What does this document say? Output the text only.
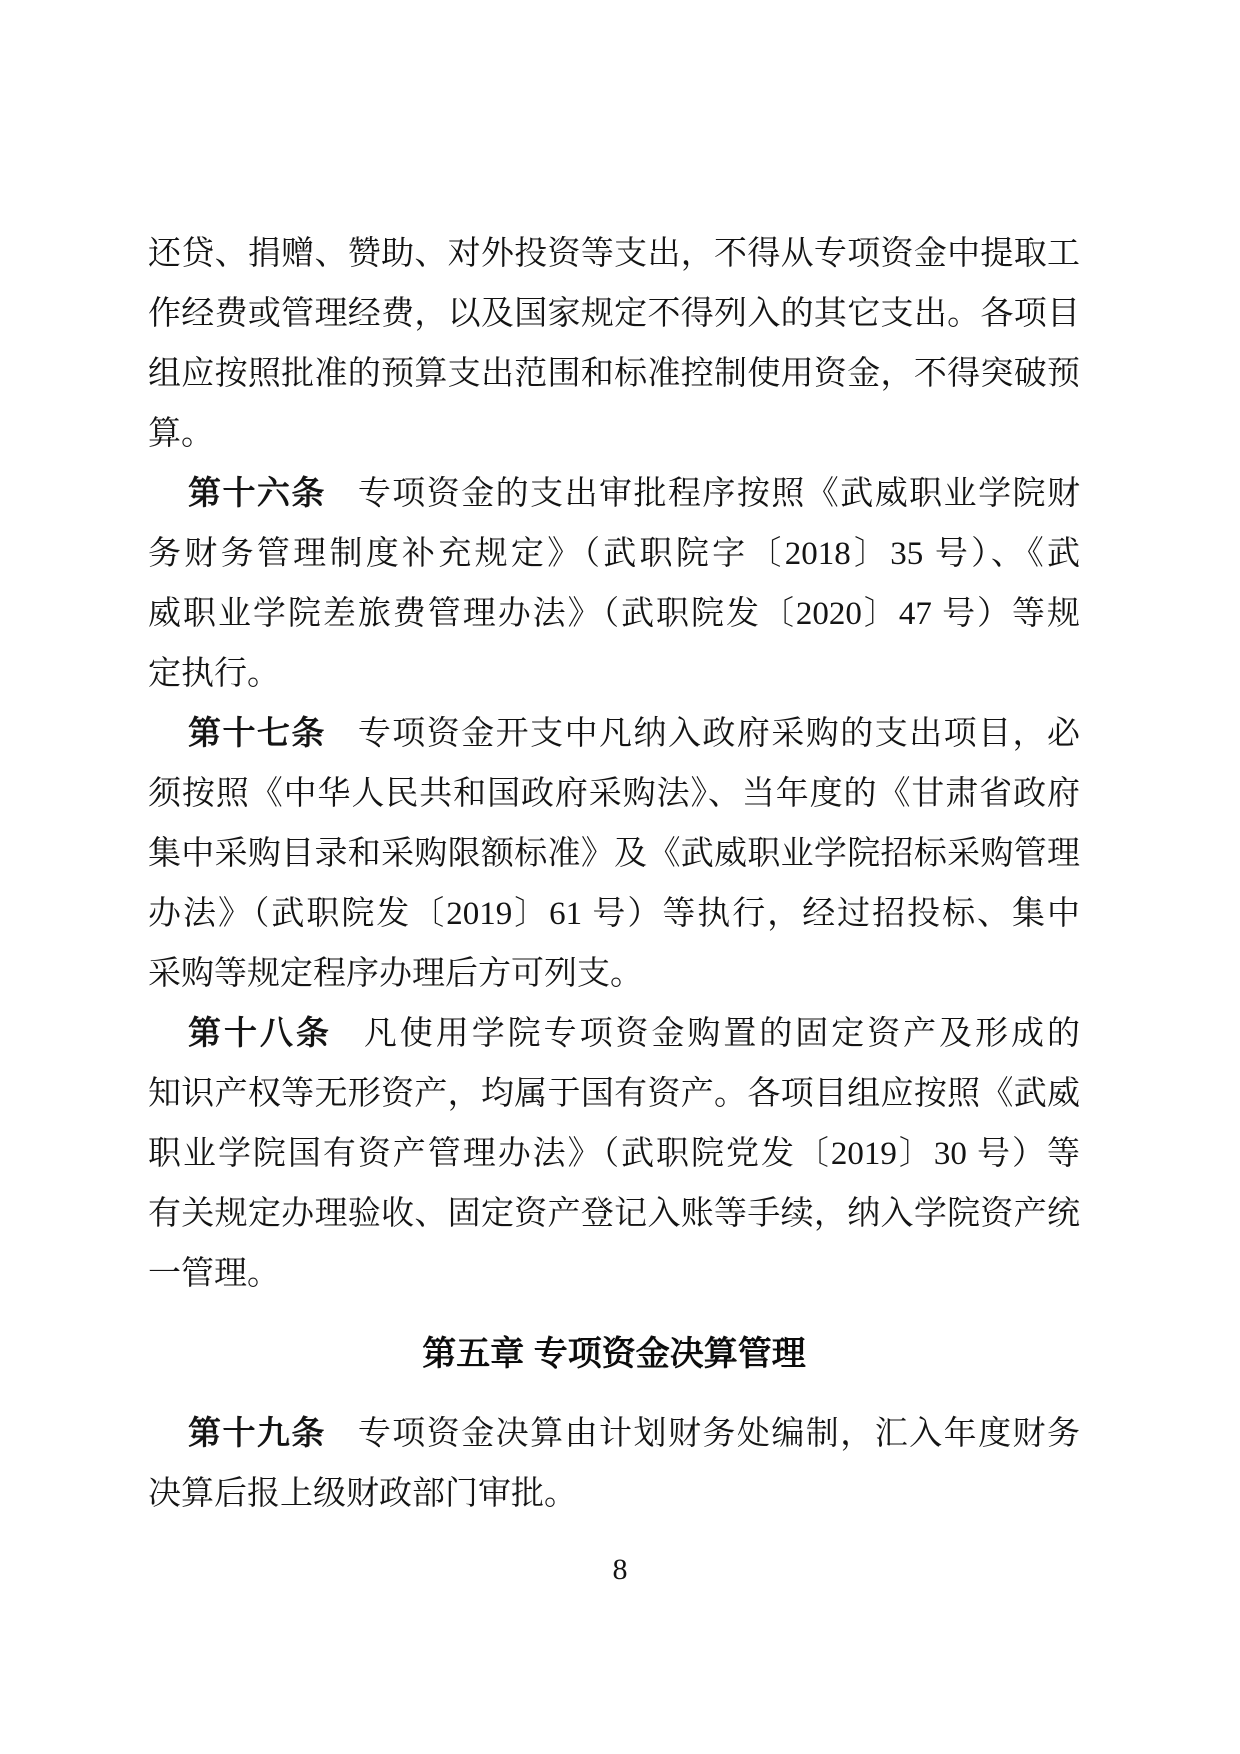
还贷、捐赠、赞助、对外投资等支出，不得从专项资金中提取工
作经费或管理经费，以及国家规定不得列入的其它支出。各项目
组应按照批准的预算支出范围和标准控制使用资金，不得突破预
算。
第十六条 专项资金的支出审批程序按照《武威职业学院财
务财务管理制度补充规定》（武职院字〔2018〕35 号）、《武
威职业学院差旅费管理办法》（武职院发〔2020〕47 号）等规
定执行。
第十七条 专项资金开支中凡纳入政府采购的支出项目，必
须按照《中华人民共和国政府采购法》、当年度的《甘肃省政府
集中采购目录和采购限额标准》及《武威职业学院招标采购管理
办法》（武职院发〔2019〕61 号）等执行，经过招投标、集中
采购等规定程序办理后方可列支。
第十八条 凡使用学院专项资金购置的固定资产及形成的
知识产权等无形资产，均属于国有资产。各项目组应按照《武威
职业学院国有资产管理办法》（武职院党发〔2019〕30 号）等
有关规定办理验收、固定资产登记入账等手续，纳入学院资产统
一管理。
第五章 专项资金决算管理
第十九条 专项资金决算由计划财务处编制，汇入年度财务
决算后报上级财政部门审批。
8
